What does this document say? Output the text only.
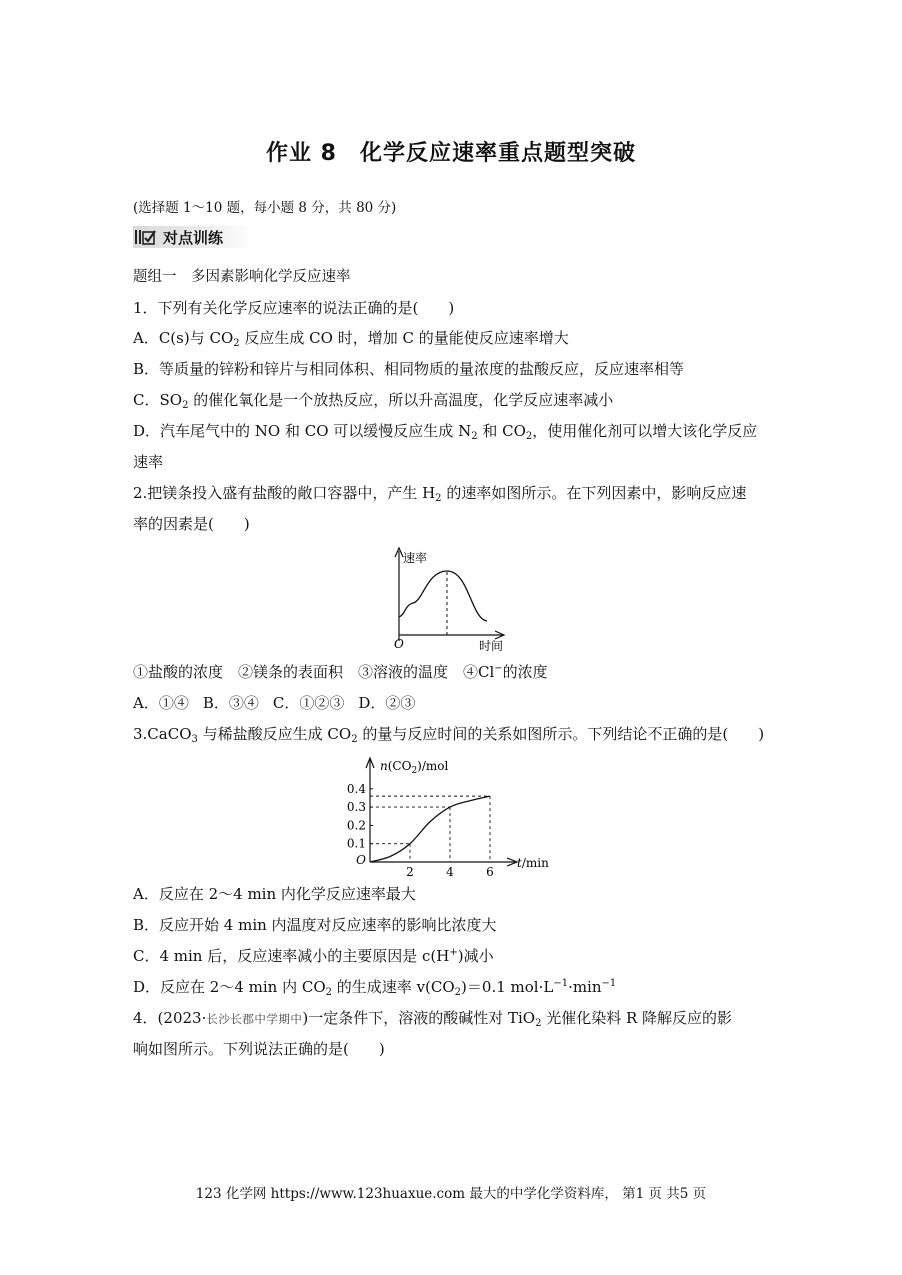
作业 8　化学反应速率重点题型突破
(选择题 1～10 题，每小题 8 分，共 80 分)
对点训练
题组一　多因素影响化学反应速率
1．下列有关化学反应速率的说法正确的是(　　)
A．C(s)与 $CO_2$ 反应生成 CO 时，增加 C 的量能使反应速率增大
B．等质量的锌粉和锌片与相同体积、相同物质的量浓度的盐酸反应，反应速率相等
C．$SO_2$ 的催化氧化是一个放热反应，所以升高温度，化学反应速率减小
D．汽车尾气中的 NO 和 CO 可以缓慢反应生成 $N_2$ 和 $CO_2$，使用催化剂可以增大该化学反应
速率
2.把镁条投入盛有盐酸的敞口容器中，产生 $H_2$ 的速率如图所示。在下列因素中，影响反应速
率的因素是(　　)
速率
时间
O
①盐酸的浓度　②镁条的表面积　③溶液的温度　④Cl−的浓度
A．①④ B．③④ C．①②③ D．②③
3.CaCO$_3$ 与稀盐酸反应生成 $CO_2$ 的量与反应时间的关系如图所示。下列结论不正确的是(　　)
2	4	6
0.1
0.2
0.3
0.4
$n(CO_2)$/mol
t/min
O
A．反应在 2～4 min 内化学反应速率最大
B．反应开始 4 min 内温度对反应速率的影响比浓度大
C．4 min 后，反应速率减小的主要原因是 c(H+)减小
D．反应在 2～4 min 内 $CO_2$ 的生成速率 $v(CO_2)=0.1$ $mol\cdot L^{-1}\cdot\min^{-1}$
4．(2023·长沙长郡中学期中)一定条件下，溶液的酸碱性对 TiO$_2$ 光催化染料 R 降解反应的影
响如图所示。下列说法正确的是(　　)
123 化学网 https://www.123huaxue.com 最大的中学化学资料库， 第1 页 共5 页
